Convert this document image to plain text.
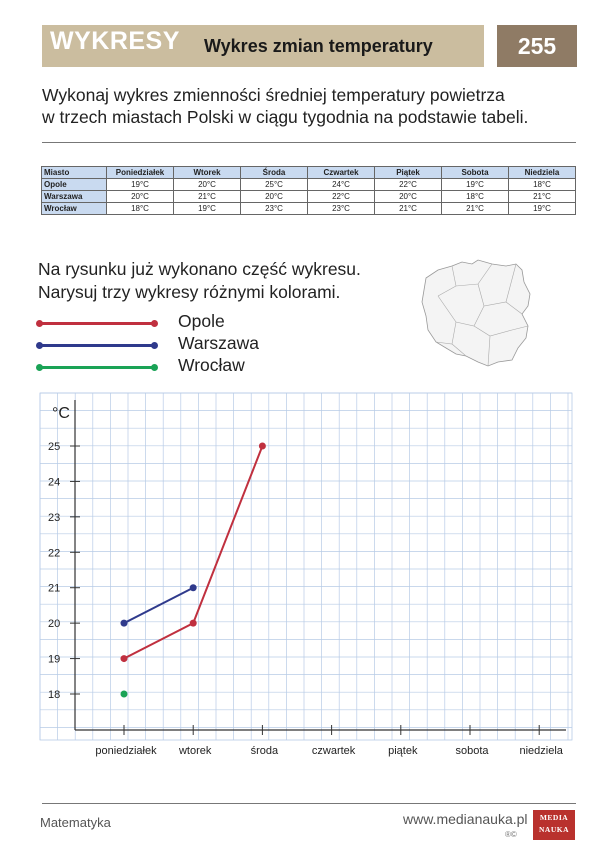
WYKRESY Wykres zmian temperatury	255
Wykonaj wykres zmienności średniej temperatury powietrza
w trzech miastach Polski w ciągu tygodnia na podstawie tabeli.
Miasto	Poniedziałek	Wtorek	Środa	Czwartek	Piątek	Sobota	Niedziela
Opole	19°C	20°C	25°C	24°C	22°C	19°C	18°C
Warszawa	20°C	21°C	20°C	22°C	20°C	18°C	21°C
Wrocław	18°C	19°C	23°C	23°C	21°C	21°C	19°C
Na rysunku już wykonano część wykresu.
Narysuj trzy wykresy różnymi kolorami.
Opole
Warszawa
Wrocław
°C
18
19
20
21
22
23
24
25
poniedziałek wtorek	środa	czwartek	piątek	sobota	niedziela
Matematyka	www.medianauka.pl
®©
MEDIA
NAUKA
